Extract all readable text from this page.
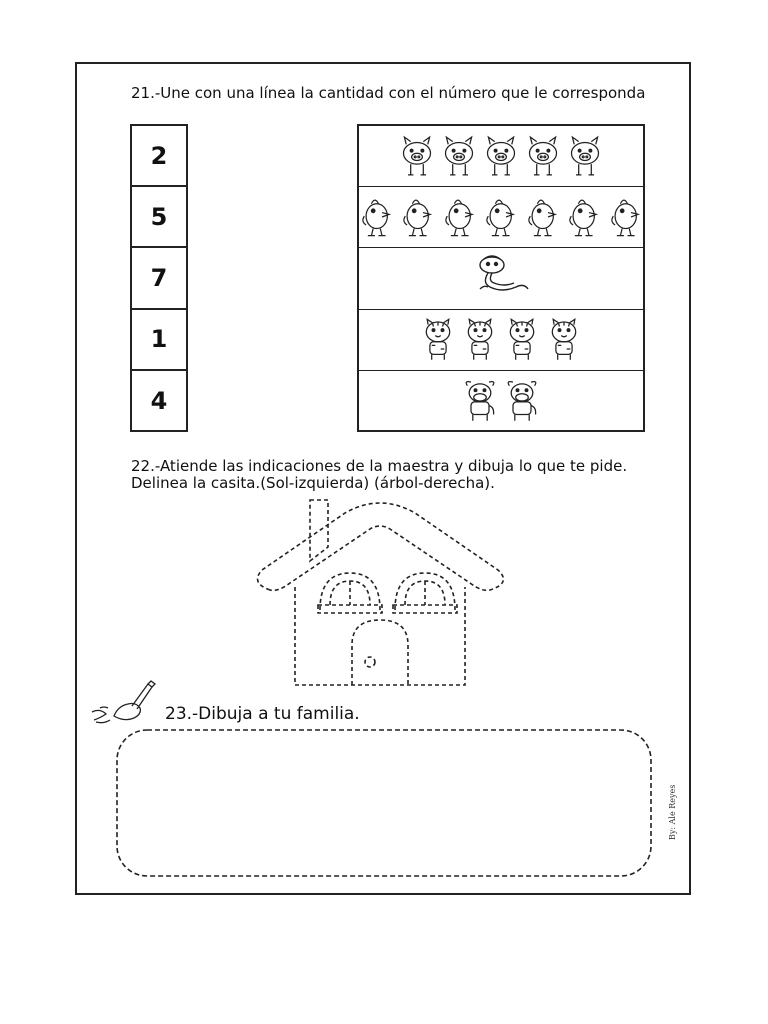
21.-Une con una línea la cantidad con el número que le corresponda
2
5
7
1
4
22.-Atiende las indicaciones de la maestra y dibuja lo que te pide.
Delinea la casita.(Sol-izquierda) (árbol-derecha).
23.-Dibuja a tu familia.
By: Ale Reyes
